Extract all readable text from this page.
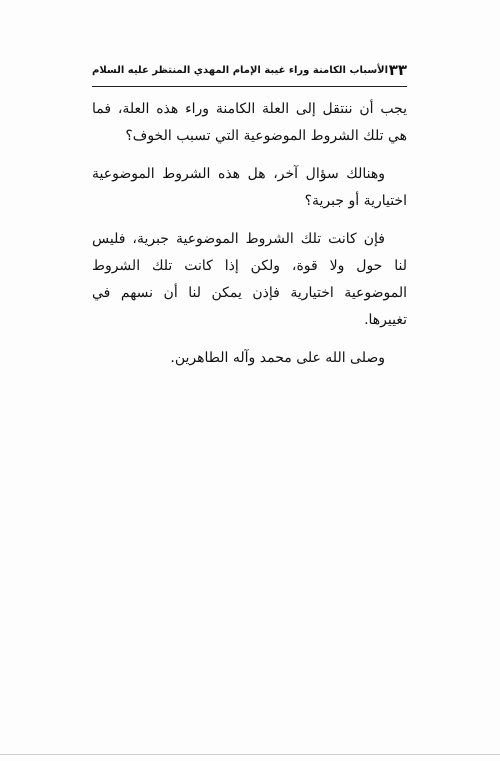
٣٣
الأسباب الكامنة وراء غيبة الإمام المهدي المنتظر عليه السلام

يجب أن ننتقل إلى العلة الكامنة وراء هذه العلة، فما هي تلك الشروط الموضوعية التي تسبب الخوف؟

وهنالك سؤال آخر، هل هذه الشروط الموضوعية اختيارية أو جبرية؟

فإن كانت تلك الشروط الموضوعية جبرية، فليس لنا حول ولا قوة، ولكن إذا كانت تلك الشروط الموضوعية اختيارية فإذن يمكن لنا أن نسهم في تغييرها.

وصلى الله على محمد وآله الطاهرين.
